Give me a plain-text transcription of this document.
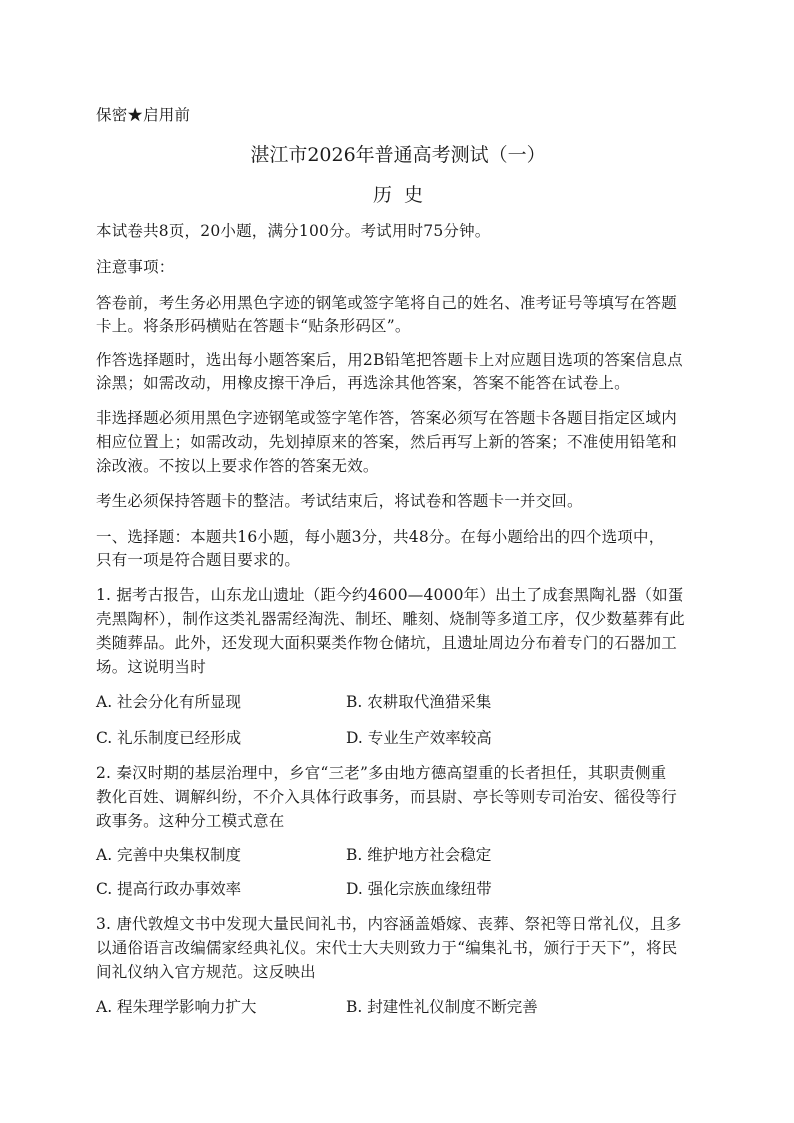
保密★启用前
湛江市2026年普通高考测试（一）
历史
本试卷共8页，20小题，满分100分。考试用时75分钟。
注意事项：
答卷前，考生务必用黑色字迹的钢笔或签字笔将自己的姓名、准考证号等填写在答题
卡上。将条形码横贴在答题卡“贴条形码区”。
作答选择题时，选出每小题答案后，用2B铅笔把答题卡上对应题目选项的答案信息点
涂黑；如需改动，用橡皮擦干净后，再选涂其他答案，答案不能答在试卷上。
非选择题必须用黑色字迹钢笔或签字笔作答，答案必须写在答题卡各题目指定区域内
相应位置上；如需改动，先划掉原来的答案，然后再写上新的答案；不准使用铅笔和
涂改液。不按以上要求作答的答案无效。
考生必须保持答题卡的整洁。考试结束后，将试卷和答题卡一并交回。
一、选择题：本题共16小题，每小题3分，共48分。在每小题给出的四个选项中，
只有一项是符合题目要求的。
1. 据考古报告，山东龙山遗址（距今约4600—4000年）出土了成套黑陶礼器（如蛋
壳黑陶杯），制作这类礼器需经淘洗、制坯、雕刻、烧制等多道工序，仅少数墓葬有此
类随葬品。此外，还发现大面积粟类作物仓储坑，且遗址周边分布着专门的石器加工
场。这说明当时
A. 社会分化有所显现	B. 农耕取代渔猎采集
C. 礼乐制度已经形成	D. 专业生产效率较高
2. 秦汉时期的基层治理中，乡官“三老”多由地方德高望重的长者担任，其职责侧重
教化百姓、调解纠纷，不介入具体行政事务，而县尉、亭长等则专司治安、徭役等行
政事务。这种分工模式意在
A. 完善中央集权制度	B. 维护地方社会稳定
C. 提高行政办事效率	D. 强化宗族血缘纽带
3. 唐代敦煌文书中发现大量民间礼书，内容涵盖婚嫁、丧葬、祭祀等日常礼仪，且多
以通俗语言改编儒家经典礼仪。宋代士大夫则致力于“编集礼书，颁行于天下”，将民
间礼仪纳入官方规范。这反映出
A. 程朱理学影响力扩大	B. 封建性礼仪制度不断完善
